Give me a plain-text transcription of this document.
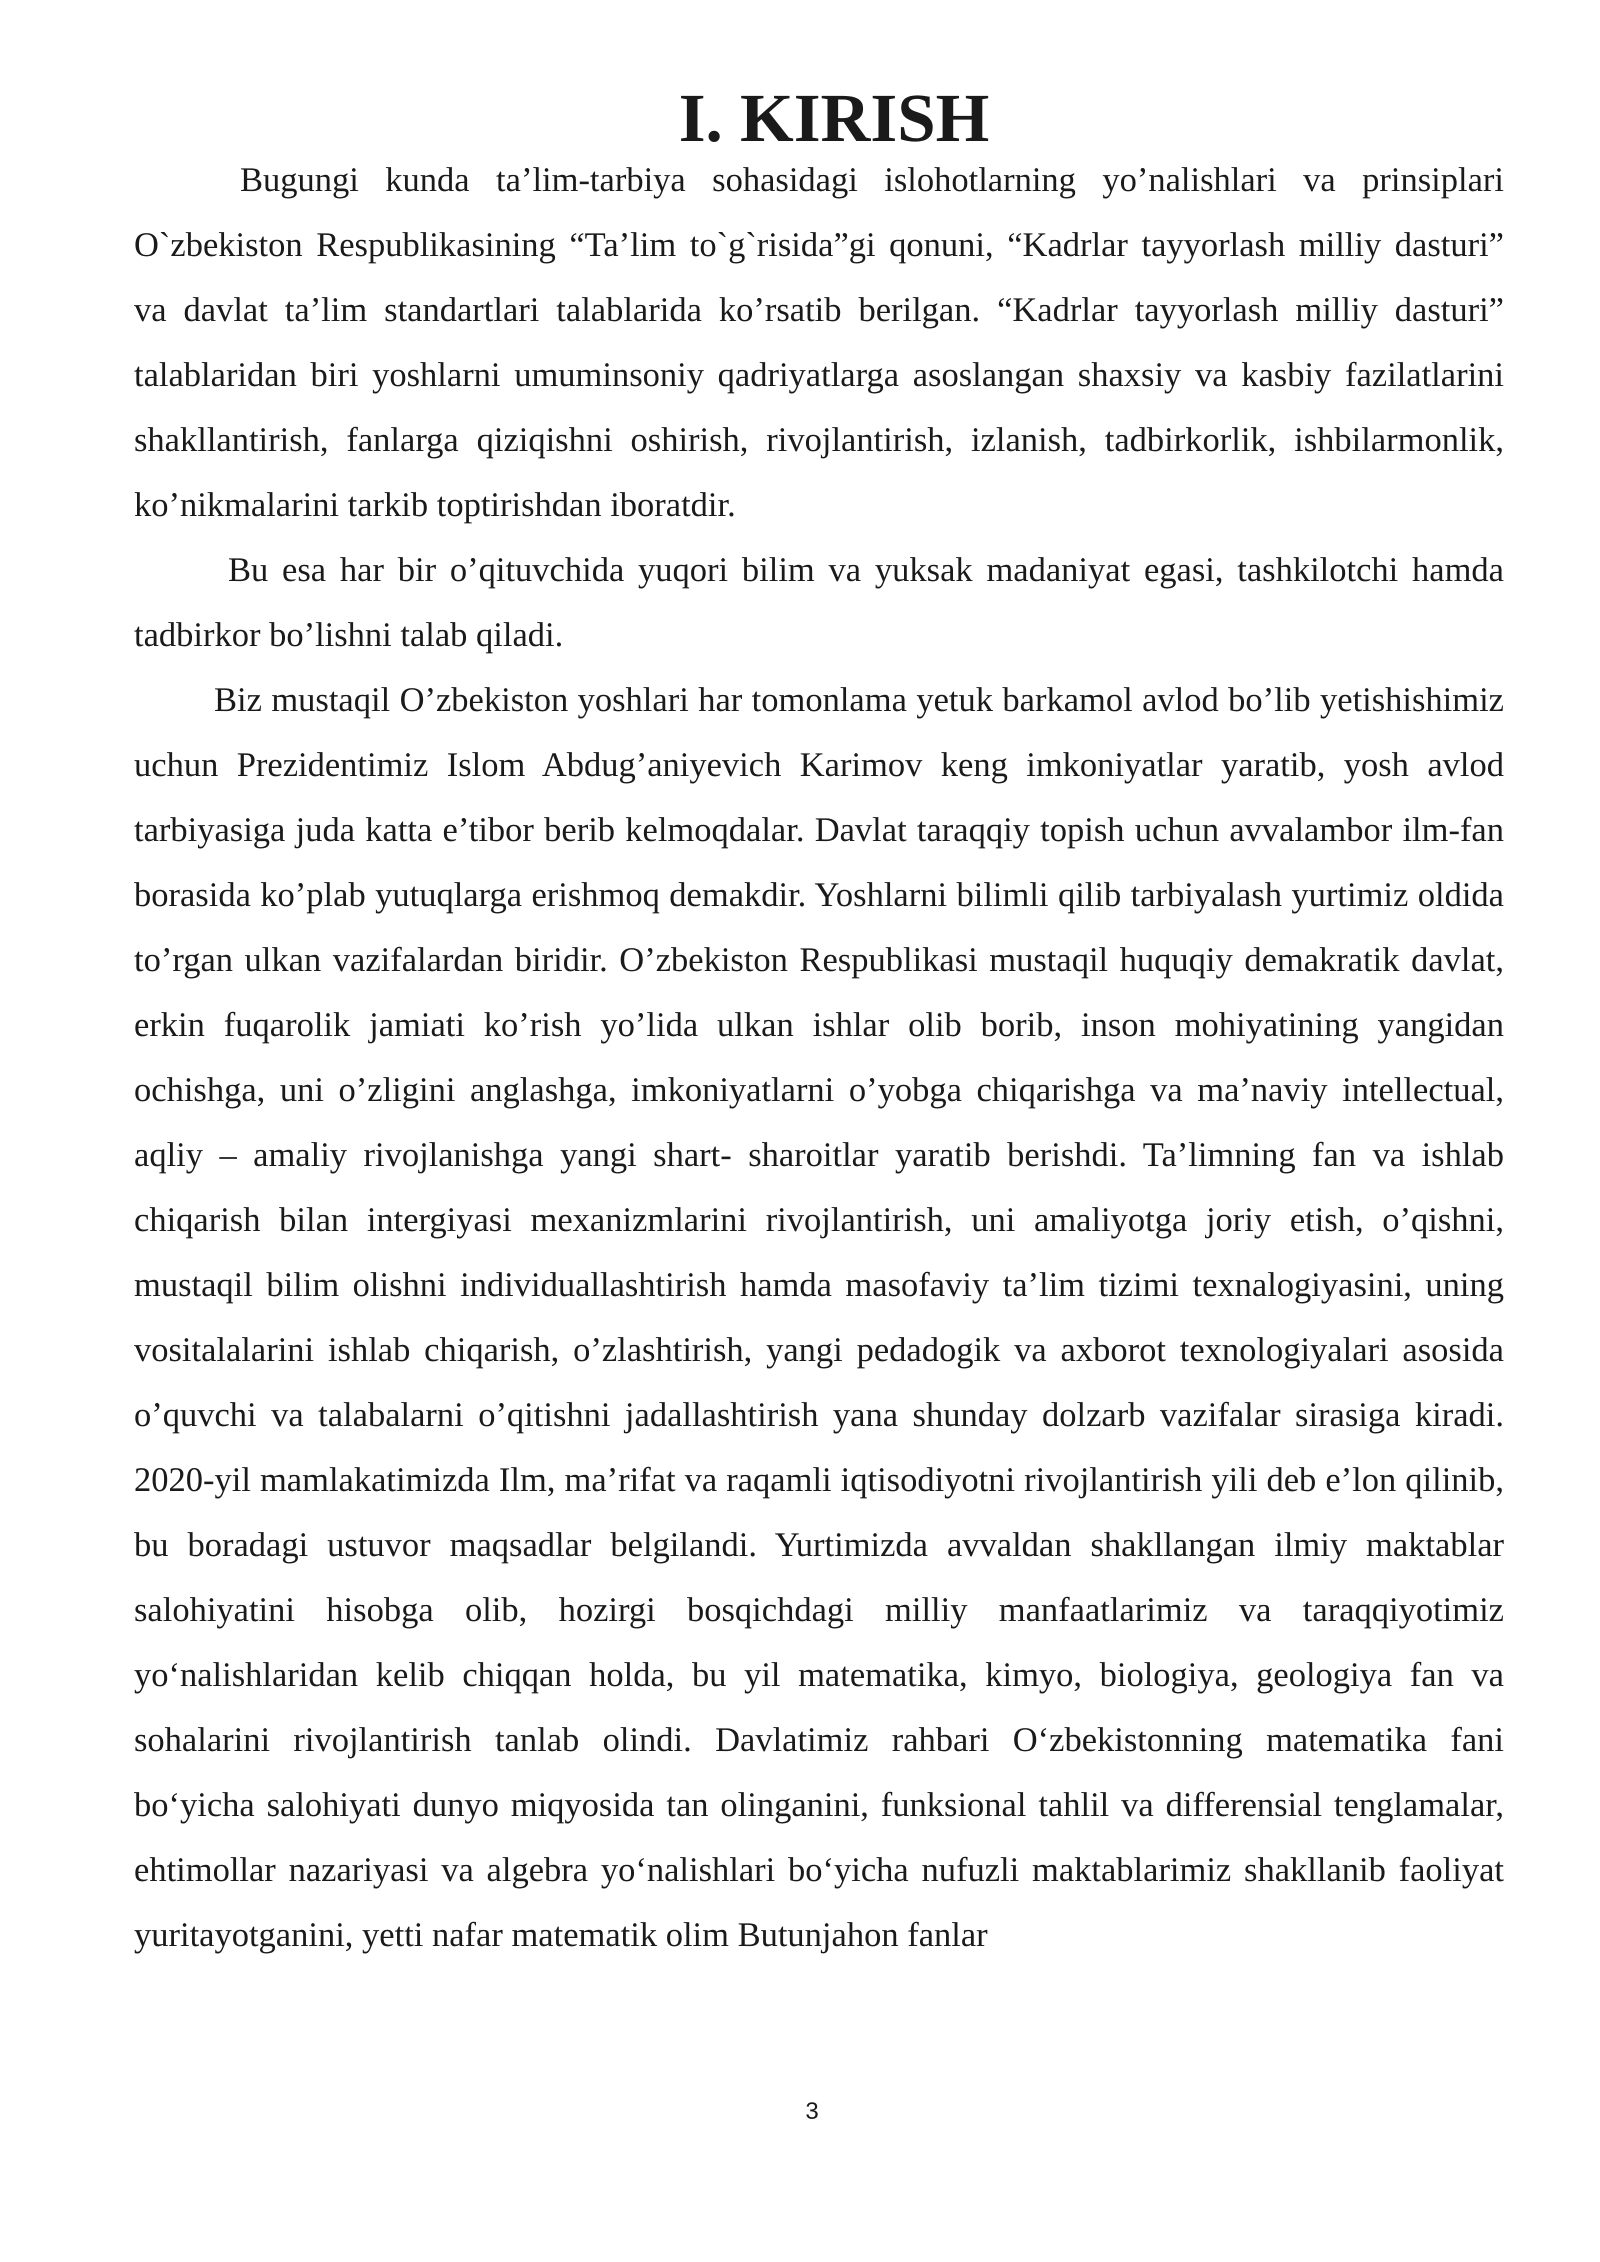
I. KIRISH

Bugungi kunda ta’lim-tarbiya sohasidagi islohotlarning yo’nalishlari va prinsiplari O`zbekiston Respublikasining “Ta’lim to`g`risida”gi qonuni, “Kadrlar tayyorlash milliy dasturi” va davlat ta’lim standartlari talablarida ko’rsatib berilgan. “Kadrlar tayyorlash milliy dasturi” talablaridan biri yoshlarni umuminsoniy qadriyatlarga asoslangan shaxsiy va kasbiy fazilatlarini shakllantirish, fanlarga qiziqishni oshirish, rivojlantirish, izlanish, tadbirkorlik, ishbilarmonlik, ko’nikmalarini tarkib toptirishdan iboratdir.

Bu esa har bir o’qituvchida yuqori bilim va yuksak madaniyat egasi, tashkilotchi hamda tadbirkor bo’lishni talab qiladi.

Biz mustaqil O’zbekiston yoshlari har tomonlama yetuk barkamol avlod bo’lib yetishishimiz uchun Prezidentimiz Islom Abdug’aniyevich Karimov keng imkoniyatlar yaratib, yosh avlod tarbiyasiga juda katta e’tibor berib kelmoqdalar. Davlat taraqqiy topish uchun avvalambor ilm-fan borasida ko’plab yutuqlarga erishmoq demakdir. Yoshlarni bilimli qilib tarbiyalash yurtimiz oldida to’rgan ulkan vazifalardan biridir. O’zbekiston Respublikasi mustaqil huquqiy demakratik davlat, erkin fuqarolik jamiati ko’rish yo’lida ulkan ishlar olib borib, inson mohiyatining yangidan ochishga, uni o’zligini anglashga, imkoniyatlarni o’yobga chiqarishga va ma’naviy intellectual, aqliy – amaliy rivojlanishga yangi shart- sharoitlar yaratib berishdi. Ta’limning fan va ishlab chiqarish bilan intergiyasi mexanizmlarini rivojlantirish, uni amaliyotga joriy etish, o’qishni, mustaqil bilim olishni individuallashtirish hamda masofaviy ta’lim tizimi texnalogiyasini, uning vositalalarini ishlab chiqarish, o’zlashtirish, yangi pedadogik va axborot texnologiyalari asosida o’quvchi va talabalarni o’qitishni jadallashtirish yana shunday dolzarb vazifalar sirasiga kiradi. 2020-yil mamlakatimizda Ilm, ma’rifat va raqamli iqtisodiyotni rivojlantirish yili deb e’lon qilinib, bu boradagi ustuvor maqsadlar belgilandi. Yurtimizda avvaldan shakllangan ilmiy maktablar salohiyatini hisobga olib, hozirgi bosqichdagi milliy manfaatlarimiz va taraqqiyotimiz yo‘nalishlaridan kelib chiqqan holda, bu yil matematika, kimyo, biologiya, geologiya fan va sohalarini rivojlantirish tanlab olindi. Davlatimiz rahbari O‘zbekistonning matematika fani bo‘yicha salohiyati dunyo miqyosida tan olinganini, funksional tahlil va differensial tenglamalar, ehtimollar nazariyasi va algebra yo‘nalishlari bo‘yicha nufuzli maktablarimiz shakllanib faoliyat yuritayotganini, yetti nafar matematik olim Butunjahon fanlar

3
